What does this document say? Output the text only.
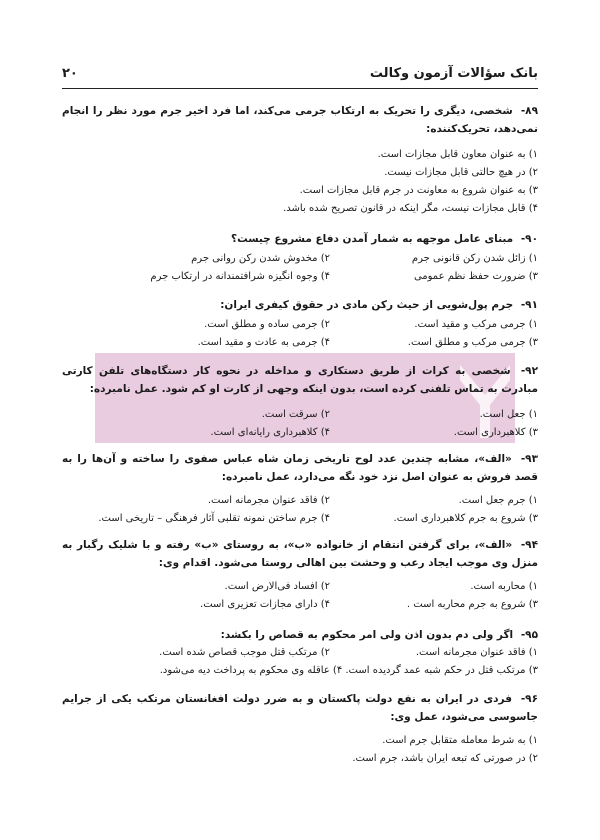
بانک سؤالات آزمون وکالت
۲۰
۸۹- شخصی، دیگری را تحریک به ارتکاب جرمی می‌کند، اما فرد اخیر جرم مورد نظر را انجام نمی‌دهد، تحریک‌کننده:
۱) به عنوان معاون قابل مجازات است.
۲) در هیچ حالتی قابل مجازات نیست.
۳) به عنوان شروع به معاونت در جرم قابل مجازات است.
۴) قابل مجازات نیست، مگر اینکه در قانون تصریح شده باشد.
۹۰- مبنای عامل موجهه به شمار آمدن دفاع مشروع چیست؟
۱) زائل شدن رکن قانونی جرم
۲) مخدوش شدن رکن روانی جرم
۳) ضرورت حفظ نظم عمومی
۴) وجوه انگیزه شرافتمندانه در ارتکاب جرم
۹۱- جرم پول‌شویی از حیث رکن مادی در حقوق کیفری ایران:
۱) جرمی مرکب و مقید است.
۲) جرمی ساده و مطلق است.
۳) جرمی مرکب و مطلق است.
۴) جرمی به عادت و مقید است.
۹۲- شخصی به کرات از طریق دستکاری و مداخله در نحوه کار دستگاه‌های تلفن کارتی مبادرت به تماس تلفنی کرده است، بدون اینکه وجهی از کارت او کم شود. عمل نامبرده:
۱) جعل است.
۲) سرقت است.
۳) کلاهبرداری است.
۴) کلاهبرداری رایانه‌ای است.
۹۳- «الف»، مشابه چندین عدد لوح تاریخی زمان شاه عباس صفوی را ساخته و آن‌ها را به قصد فروش به عنوان اصل نزد خود نگه می‌دارد، عمل نامبرده:
۱) جرم جعل است.
۲) فاقد عنوان مجرمانه است.
۳) شروع به جرم کلاهبرداری است.
۴) جرم ساختن نمونه تقلبی آثار فرهنگی – تاریخی است.
۹۴- «الف»، برای گرفتن انتقام از خانواده «ب»، به روستای «ب» رفته و با شلیک رگبار به منزل وی موجب ایجاد رعب و وحشت بین اهالی روستا می‌شود. اقدام وی:
۱) محاربه است.
۲) افساد فی‌الارض است.
۳) شروع به جرم محاربه است .
۴) دارای مجازات تعزیری است.
۹۵- اگر ولی دم بدون اذن ولی امر محکوم به قصاص را بکشد:
۱) فاقد عنوان مجرمانه است.
۲) مرتکب قتل موجب قصاص شده است.
۳) مرتکب قتل در حکم شبه عمد گردیده است. ۴) عاقله وی محکوم به پرداخت دیه می‌شود.
۹۶- فردی در ایران به نفع دولت پاکستان و به ضرر دولت افغانستان مرتکب یکی از جرایم جاسوسی می‌شود، عمل وی:
۱) به شرط معامله متقابل جرم است.
۲) در صورتی که تبعه ایران باشد، جرم است.
